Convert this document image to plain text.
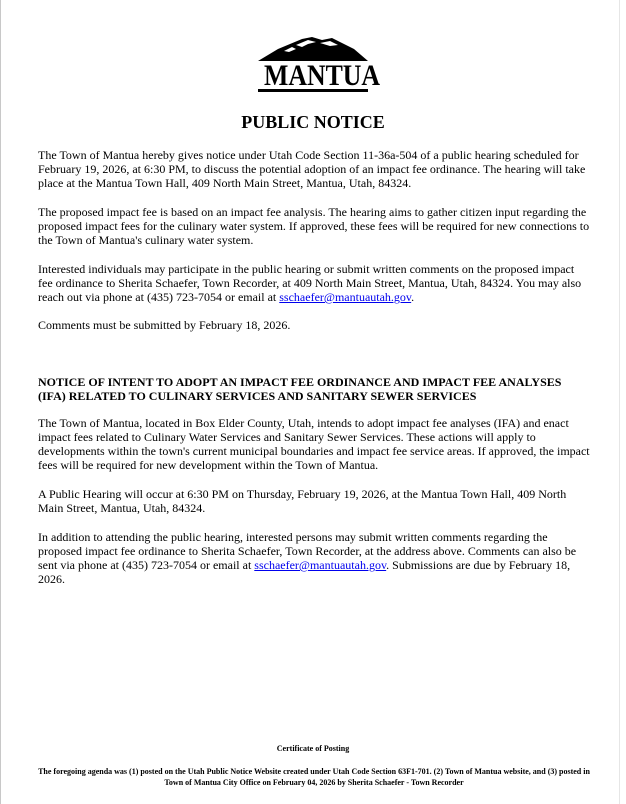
MANTUA
PUBLIC NOTICE

The Town of Mantua hereby gives notice under Utah Code Section 11-36a-504 of a public hearing scheduled for February 19, 2026, at 6:30 PM, to discuss the potential adoption of an impact fee ordinance. The hearing will take place at the Mantua Town Hall, 409 North Main Street, Mantua, Utah, 84324.

The proposed impact fee is based on an impact fee analysis. The hearing aims to gather citizen input regarding the proposed impact fees for the culinary water system. If approved, these fees will be required for new connections to the Town of Mantua's culinary water system.

Interested individuals may participate in the public hearing or submit written comments on the proposed impact fee ordinance to Sherita Schaefer, Town Recorder, at 409 North Main Street, Mantua, Utah, 84324. You may also reach out via phone at (435) 723-7054 or email at sschaefer@mantuautah.gov.

Comments must be submitted by February 18, 2026.

NOTICE OF INTENT TO ADOPT AN IMPACT FEE ORDINANCE AND IMPACT FEE ANALYSES (IFA) RELATED TO CULINARY SERVICES AND SANITARY SEWER SERVICES

The Town of Mantua, located in Box Elder County, Utah, intends to adopt impact fee analyses (IFA) and enact impact fees related to Culinary Water Services and Sanitary Sewer Services. These actions will apply to developments within the town's current municipal boundaries and impact fee service areas. If approved, the impact fees will be required for new development within the Town of Mantua.

A Public Hearing will occur at 6:30 PM on Thursday, February 19, 2026, at the Mantua Town Hall, 409 North Main Street, Mantua, Utah, 84324.

In addition to attending the public hearing, interested persons may submit written comments regarding the proposed impact fee ordinance to Sherita Schaefer, Town Recorder, at the address above. Comments can also be sent via phone at (435) 723-7054 or email at sschaefer@mantuautah.gov. Submissions are due by February 18, 2026.

Certificate of Posting
The foregoing agenda was (1) posted on the Utah Public Notice Website created under Utah Code Section 63F1-701. (2) Town of Mantua website, and (3) posted in Town of Mantua City Office on February 04, 2026 by Sherita Schaefer - Town Recorder
